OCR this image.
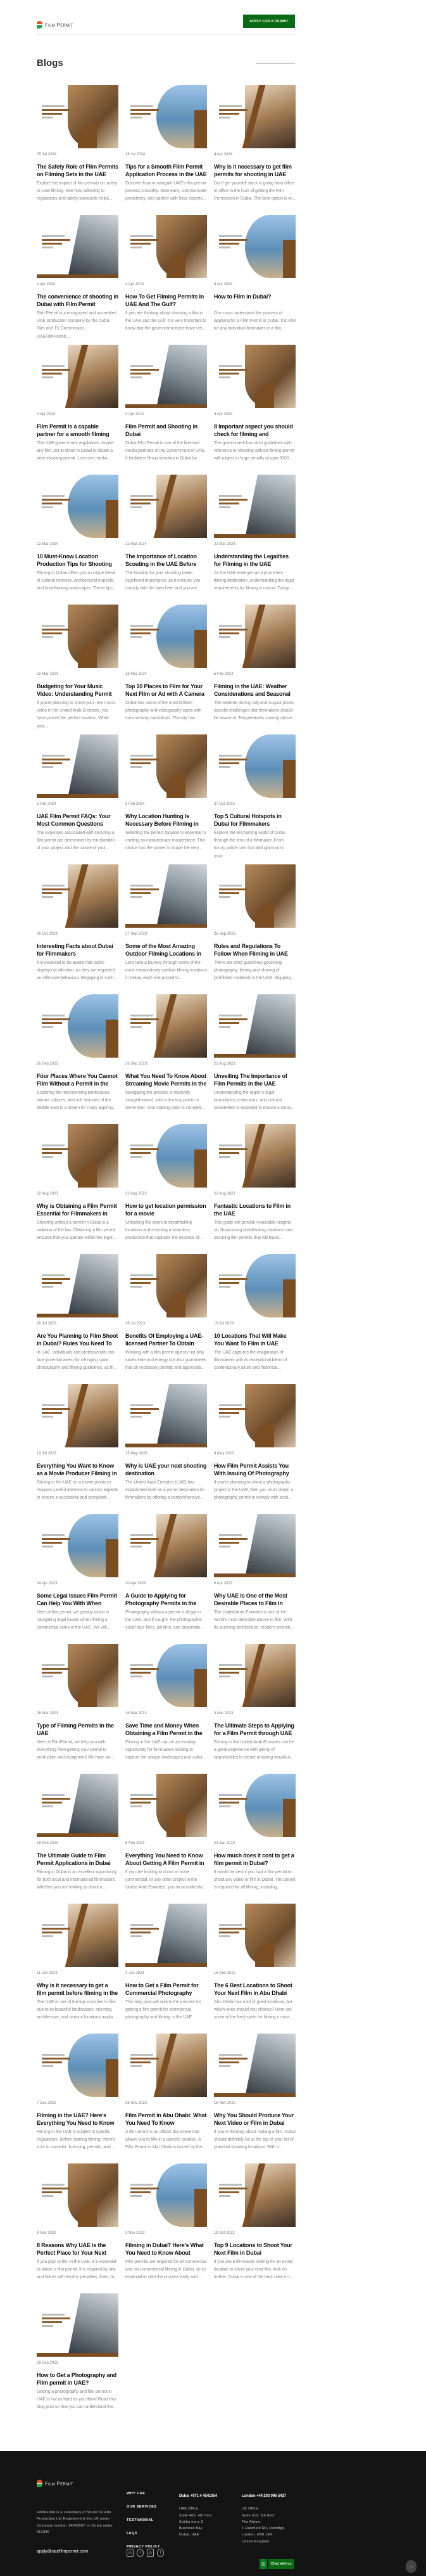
Film Permit
APPLY FOR A PERMIT
Blogs
25 Jul 2024
The Safety Role of Film Permits on Filming Sets in the UAE
Explore the impact of film permits on safety in UAE filming. See how adhering to regulations and safety standards helps...
18 Jul 2024
Tips for a Smooth Film Permit Application Process in the UAE
Discover how to navigate UAE's film permit process smoothly. Start early, communicate proactively, and partner with local experts...
4 Apr 2024
Why is it necessary to get film permits for shooting in UAE
Don't get yourself stuck in going from office to office in the hunt of getting the Film Permission in Dubai. The best option is to...
4 Apr 2024
The convenience of shooting in Dubai with Film Permit
Film Permit is a recognized and accredited UAE production company by the Dubai Film and TV Commission. UAEFilmPermit...
4 Apr 2024
How To Get Filming Permits In UAE And The Gulf?
If you are thinking about shooting a film in the UAE and the Gulf, it is very important to know that the government there have ver...
4 Apr 2024
How to Film in Dubai?
One must understand the process of applying for a Film Permit in Dubai. It is vital for any individual filmmaker or a film...
4 Apr 2024
Film Permit is a capable partner for a smooth filming
The UAE government regulations require any film unit to shoot in Dubai to obtain a prior shooting permit. Licensed media...
4 Apr 2024
Film Permit and Shooting in Dubai
Dubai Film Permit is one of the licensed media partners of the Government of UAE. It facilitates film production in Dubai by...
4 Apr 2024
8 Important aspect you should check for filming and
The government has strict guidelines with reference to shooting without filming permit will subject to huge penalty of upto 3000...
22 Mar 2024
10 Must-Know Location Production Tips for Shooting
Filming in Dubai offers you a unique blend of cultural richness, architectural marvels, and breathtaking landscapes. These tips...
22 Mar 2024
The Importance of Location Scouting in the UAE Before
The location for your shooting bears significant importance, as it ensures you comply with the laws here and you are...
22 Mar 2024
Understanding the Legalities for Filming in the UAE
As the UAE emerges as a prominent filming destination, understanding the legal requirements for filming is crucial. Today...
22 Mar 2024
Budgeting for Your Music Video: Understanding Permit
If you're planning to shoot your next music video in the United Arab Emirates, you have picked the perfect location. While your...
18 Mar 2024
Top 10 Places to Film for Your Next Film or Ad with A Camera
Dubai has some of the most brilliant photography and videography spots with mesmerising backdrops. The city has...
5 Feb 2024
Filming in the UAE: Weather Considerations and Seasonal
The weather during July and August poses specific challenges that filmmakers should be aware of. Temperatures soaring above...
5 Feb 2024
UAE Film Permit FAQs: Your Most Common Questions
The expenses associated with securing a film permit are determined by the duration of your project and the nature of your...
5 Feb 2024
Why Location Hunting Is Necessary Before Filming in
Selecting the perfect location is essential to crafting an extraordinary masterpiece. This choice has the power to shape the very...
27 Oct 2023
Top 5 Cultural Hotspots in Dubai for Filmmakers
Explore the enchanting world of Dubai through the lens of a filmmaker. From luxury police cars that add glamour to your...
26 Oct 2023
Interesting Facts about Dubai for Filmmakers
It is essential to be aware that public displays of affection, as they are regarded as offensive behaviour. Engaging in such...
27 Sep 2023
Some of the Most Amazing Outdoor Filming Locations in
Let's take a journey through some of the most extraordinary outdoor filming locations in Dubai, each one poised to...
26 Sep 2023
Rules and Regulations To Follow When Filming in UAE
There are strict guidelines governing photography, filming and sharing of prohibited materials in the UAE. Skipping...
26 Sep 2023
Four Places Where You Cannot Film Without a Permit in the
Exploring the mesmerising landscapes, vibrant cultures, and rich histories of the Middle East is a dream for many aspiring...
26 Sep 2023
What You Need To Know About Streaming Movie Permits in the
Navigating the process is relatively straightforward, with a few key points to remember. Your starting point is completi...
22 Aug 2023
Unveiling The Importance of Film Permits in the UAE
Understanding the region's legal boundaries, restrictions, and cultural sensitivities is essential to ensure a smoo...
22 Aug 2023
Why is Obtaining a Film Permit Essential for Filmmakers in
Shooting without a permit in Dubai is a violation of the law. Obtaining a film permit ensures that you operate within the legal...
22 Aug 2023
How to get location permission for a movie
Unlocking the doors to breathtaking locations and ensuring a seamless production that captures the essence of...
22 Aug 2023
Fantastic Locations to Film in the UAE
This guide will provide invaluable insights on showcasing breathtaking locations and securing film permits that will leave...
26 Jul 2023
Are You Planning to Film Shoot in Dubai? Rules You Need To
In UAE, individuals and professionals can face potential arrest for infringing upon photography and filming guidelines, as th...
26 Jul 2023
Benefits Of Employing a UAE-licensed Partner To Obtain
Working with a film permit agency not only saves time and energy but also guarantees that all necessary permits and approvals...
19 Jul 2023
10 Locations That Will Make You Want To Film In UAE
The UAE captures the imagination of filmmakers with its exceptional blend of contemporary allure and historical...
19 Jul 2023
Everything You Want to Know as a Movie Producer Filming in
Filming in the UAE as a movie producer requires careful attention to various aspects to ensure a successful and compliant...
15 May 2023
Why is UAE your next shooting destination
The United Arab Emirates (UAE) has established itself as a prime destination for filmmakers by offering a comprehensive...
9 May 2023
How Film Permit Assists You With Issuing Of Photography
If you're planning to shoot a photography project in the UAE, then you must obtain a photography permit to comply with local...
24 Apr 2023
Some Legal Issues Film Permit Can Help You With When
Here at film permit, we greatly assist in navigating legal issues when filming a commercial video in the UAE. We will...
10 Apr 2023
A Guide to Applying for Photography Permits in the
Photography without a permit is illegal in the UAE, and if caught, the photographer could face fines, jail time, and deportatio...
6 Apr 2023
Why UAE Is One of the Most Desirable Places to Film In
The United Arab Emirates is one of the world's most desirable places to film. With its stunning architecture, modern ameniti...
28 Mar 2023
Type of Filming Permits in the UAE
Here at FilmPermit, we help you with everything from getting your permit to production and equipment! We have an...
16 Mar 2023
Save Time and Money When Obtaining a Film Permit in the
Filming in the UAE can be an exciting opportunity for filmmakers looking to capture the unique landscapes and cultur...
3 Mar 2023
The Ultimate Steps to Applying for a Film Permit through UAE
Filming in the United Arab Emirates can be a great experience with plenty of opportunities to create amazing visuals a...
15 Feb 2023
The Ultimate Guide to Film Permit Applications in Dubai
Filming in Dubai is an excellent opportunity for both local and international filmmakers. Whether you are looking to shoot a...
6 Feb 2023
Everything You Need to Know About Getting A Film Permit in
If you are looking to shoot a movie, commercial, or any other project in the United Arab Emirates, you must understa...
24 Jan 2023
How much does it cost to get a film permit in Dubai?
It would be best if you had a film permit to shoot any video or film in Dubai. The permit is required for all filming, including...
11 Jan 2023
Why is it necessary to get a film permit before filming in the
The UAE is one of the top countries to film due to its beautiful landscapes, stunning architecture, and various locations availa...
3 Jan 2023
How to Get a Film Permit for Commercial Photography
This blog post will outline the process for getting a film permit for commercial photography and filming in the UAE.
15 Dec 2022
The 6 Best Locations to Shoot Your Next Film in Abu Dhabi
Abu Dhabi has a lot of great locations, but which ones should you choose? Here are some of the best spots for filming a movi...
7 Dec 2022
Filming in the UAE? Here's Everything You Need to Know
Filming in the UAE is subject to specific regulations. Before starting filming, there's a lot to consider: licensing, permits, and...
25 Nov 2022
Film Permit in Abu Dhabi: What You Need To Know
A film permit is an official document that allows you to film in a specific location. A Film Permit in Abu Dhabi is issued by the...
18 Nov 2022
Why You Should Produce Your Next Video or Film in Dubai
If you're thinking about making a film, Dubai should definitely be at the top of your list of potential shooting locations. With it...
9 Nov 2022
8 Reasons Why UAE is the Perfect Place for Your Next
If you plan to film in the UAE, it is essential to obtain a film permit. It is required by law, and failure will result in penalties, fines, or...
3 Nov 2022
Filming in Dubai? Here's What You Need to Know About
Film permits are required for all commercial and non-commercial filming in Dubai, so it's essential to start the process early and...
19 Oct 2022
Top 9 Locations to Shoot Your Next Film in Dubai
If you are a filmmaker looking for an exotic location to shoot your next film, look no further. Dubai is one of the best cities in t...
29 Sep 2022
How to Get a Photography and Film permit in UAE?
Getting a photography and film permit in UAE is not as hard as you think! Read this blog post so that you can understand the...
Film Permit

FilmPermit is a subsidiary of Studio 52 Arts Production Ltd Registered in the UK under Company number 14043067, in Dubai under 651846

apply@uaefilmpermit.com
WHY UAE
OUR SERVICES
TESTIMONIAL
FAQS
PRIVACY POLICY
in	t	◎	f
Dubai +971 4 4541054
UAE Office
Suite 402, 4th floor
Sobha Ivory 2
Business Bay
Dubai, UAE
London +44 203 096 5437
UK Office
Suite 512, 5th floor
The Atrium,
1 Harefield Rd, Uxbridge,
London, UB8 1EX
United Kingdom
✆	Chat with us	◌
